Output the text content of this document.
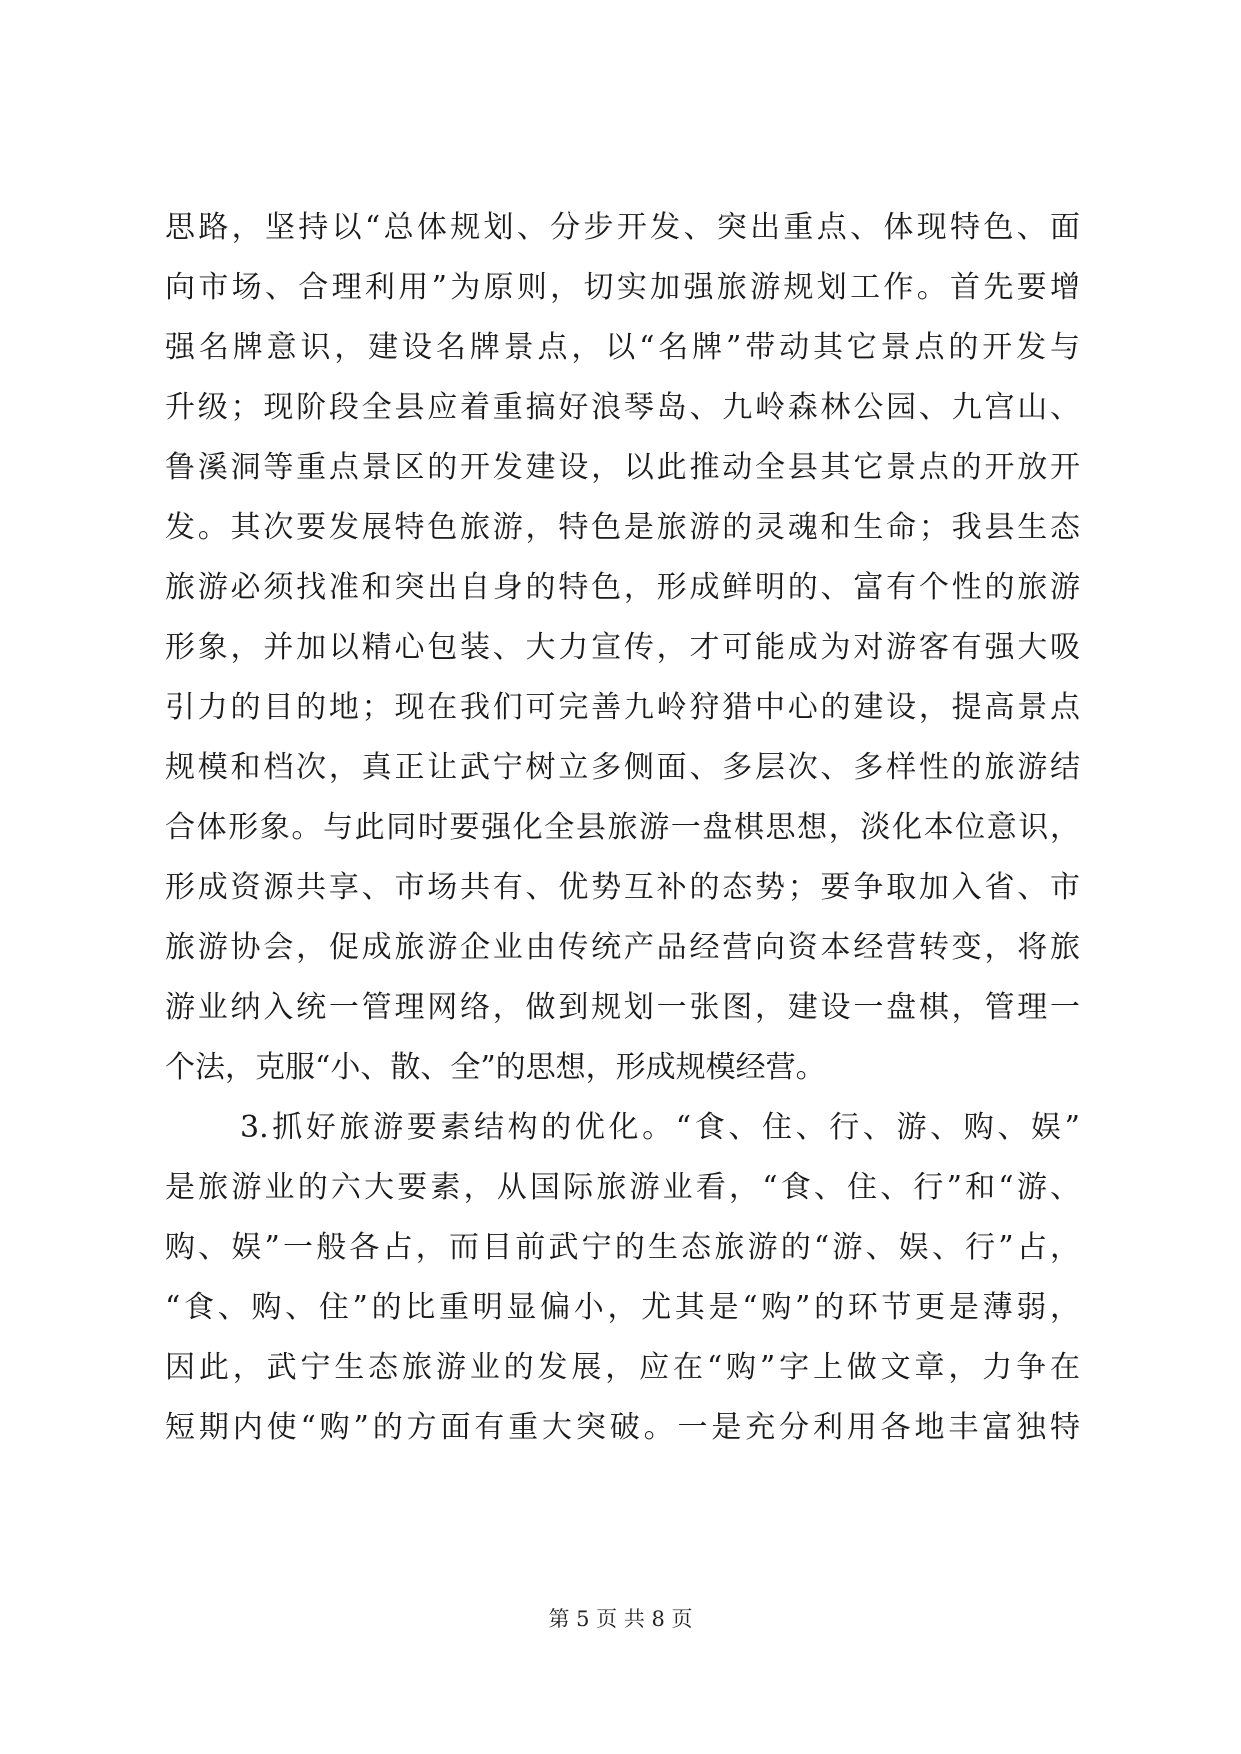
思路，坚持以“总体规划、分步开发、突出重点、体现特色、面
向市场、合理利用”为原则，切实加强旅游规划工作。首先要增
强名牌意识，建设名牌景点，以“名牌”带动其它景点的开发与
升级；现阶段全县应着重搞好浪琴岛、九岭森林公园、九宫山、
鲁溪洞等重点景区的开发建设，以此推动全县其它景点的开放开
发。其次要发展特色旅游，特色是旅游的灵魂和生命；我县生态
旅游必须找准和突出自身的特色，形成鲜明的、富有个性的旅游
形象，并加以精心包装、大力宣传，才可能成为对游客有强大吸
引力的目的地；现在我们可完善九岭狩猎中心的建设，提高景点
规模和档次，真正让武宁树立多侧面、多层次、多样性的旅游结
合体形象。与此同时要强化全县旅游一盘棋思想，淡化本位意识，
形成资源共享、市场共有、优势互补的态势；要争取加入省、市
旅游协会，促成旅游企业由传统产品经营向资本经营转变，将旅
游业纳入统一管理网络，做到规划一张图，建设一盘棋，管理一
个法，克服“小、散、全”的思想，形成规模经营。
3.抓好旅游要素结构的优化。“食、住、行、游、购、娱”
是旅游业的六大要素，从国际旅游业看，“食、住、行”和“游、
购、娱”一般各占，而目前武宁的生态旅游的“游、娱、行”占，
“食、购、住”的比重明显偏小，尤其是“购”的环节更是薄弱，
因此，武宁生态旅游业的发展，应在“购”字上做文章，力争在
短期内使“购”的方面有重大突破。一是充分利用各地丰富独特
第 5 页 共 8 页
